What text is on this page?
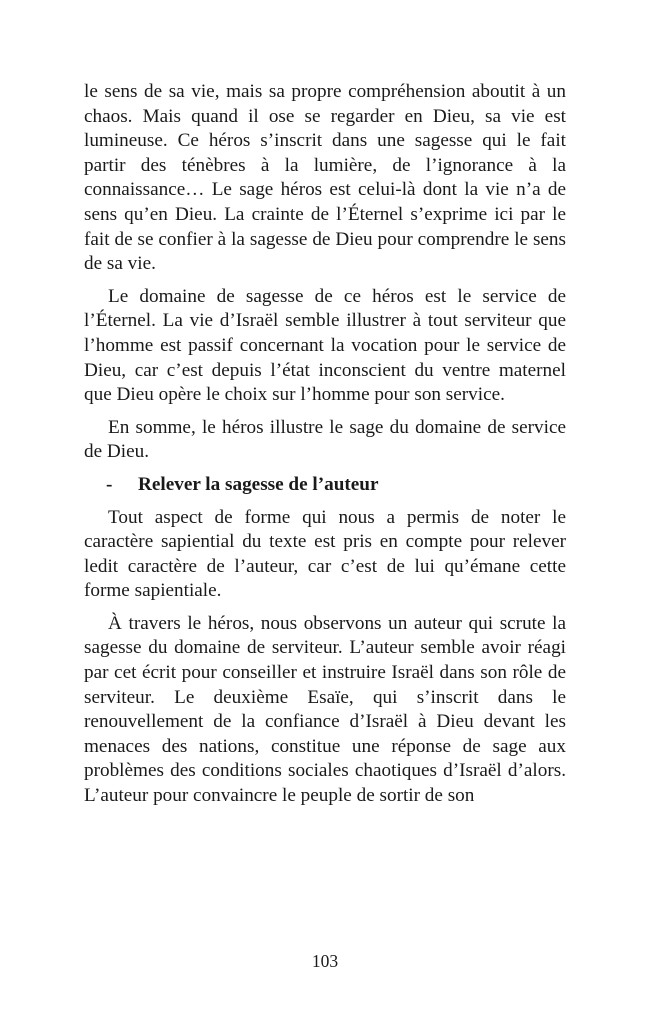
le sens de sa vie, mais sa propre compréhension aboutit à un chaos. Mais quand il ose se regarder en Dieu, sa vie est lumineuse. Ce héros s’inscrit dans une sagesse qui le fait partir des ténèbres à la lumière, de l’ignorance à la connaissance… Le sage héros est celui-là dont la vie n’a de sens qu’en Dieu. La crainte de l’Éternel s’exprime ici par le fait de se confier à la sagesse de Dieu pour comprendre le sens de sa vie.

Le domaine de sagesse de ce héros est le service de l’Éternel. La vie d’Israël semble illustrer à tout serviteur que l’homme est passif concernant la vocation pour le service de Dieu, car c’est depuis l’état inconscient du ventre maternel que Dieu opère le choix sur l’homme pour son service.

En somme, le héros illustre le sage du domaine de service de Dieu.

-	Relever la sagesse de l’auteur

Tout aspect de forme qui nous a permis de noter le caractère sapiential du texte est pris en compte pour relever ledit caractère de l’auteur, car c’est de lui qu’émane cette forme sapientiale.

À travers le héros, nous observons un auteur qui scrute la sagesse du domaine de serviteur. L’auteur semble avoir réagi par cet écrit pour conseiller et instruire Israël dans son rôle de serviteur. Le deuxième Esaïe, qui s’inscrit dans le renouvellement de la confiance d’Israël à Dieu devant les menaces des nations, constitue une réponse de sage aux problèmes des conditions sociales chaotiques d’Israël d’alors. L’auteur pour convaincre le peuple de sortir de son

103
